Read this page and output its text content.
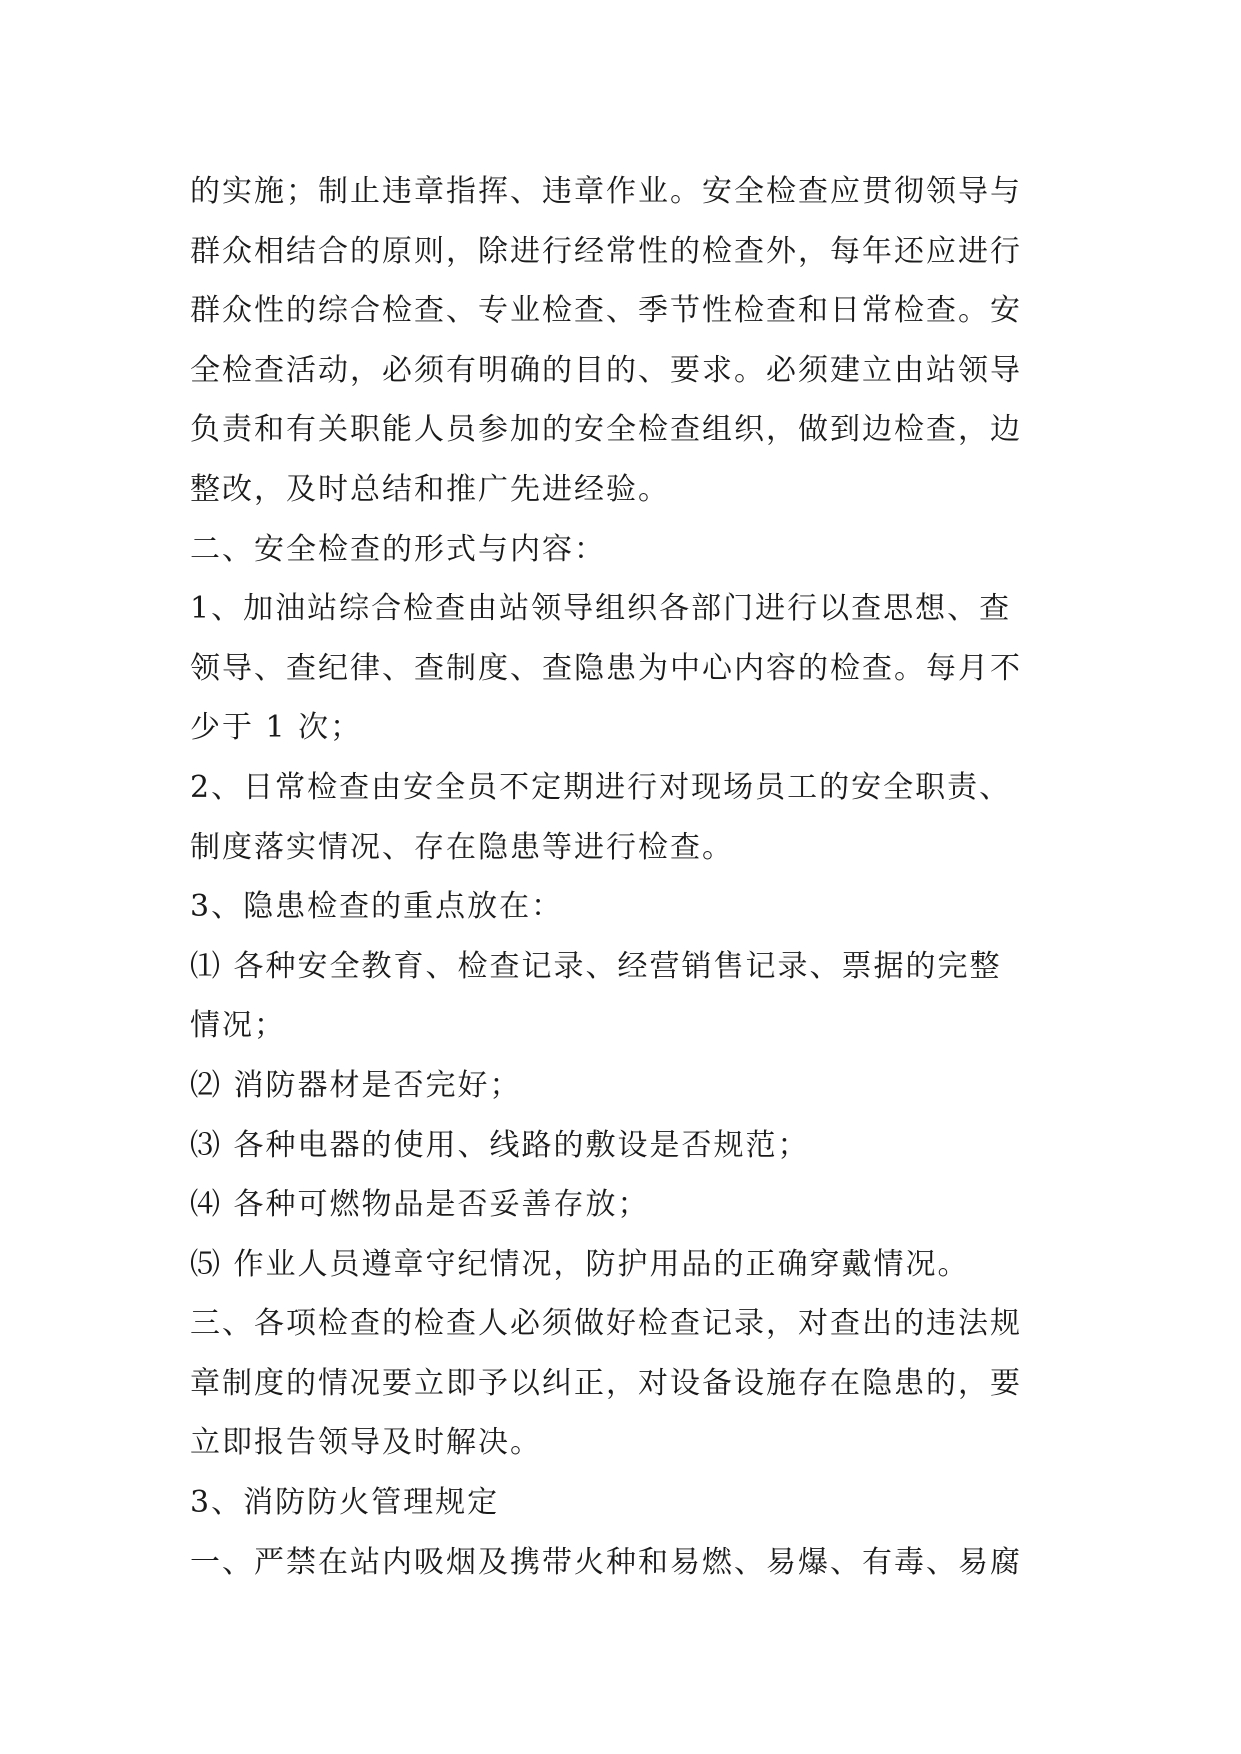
的实施；制止违章指挥、违章作业。安全检查应贯彻领导与
群众相结合的原则，除进行经常性的检查外，每年还应进行
群众性的综合检查、专业检查、季节性检查和日常检查。安
全检查活动，必须有明确的目的、要求。必须建立由站领导
负责和有关职能人员参加的安全检查组织，做到边检查，边
整改，及时总结和推广先进经验。
二、安全检查的形式与内容：
1、加油站综合检查由站领导组织各部门进行以查思想、查
领导、查纪律、查制度、查隐患为中心内容的检查。每月不
少于 1 次；
2、日常检查由安全员不定期进行对现场员工的安全职责、
制度落实情况、存在隐患等进行检查。
3、隐患检查的重点放在：
⑴ 各种安全教育、检查记录、经营销售记录、票据的完整
情况；
⑵ 消防器材是否完好；
⑶ 各种电器的使用、线路的敷设是否规范；
⑷ 各种可燃物品是否妥善存放；
⑸ 作业人员遵章守纪情况，防护用品的正确穿戴情况。
三、各项检查的检查人必须做好检查记录，对查出的违法规
章制度的情况要立即予以纠正，对设备设施存在隐患的，要
立即报告领导及时解决。
3、消防防火管理规定
一、严禁在站内吸烟及携带火种和易燃、易爆、有毒、易腐
